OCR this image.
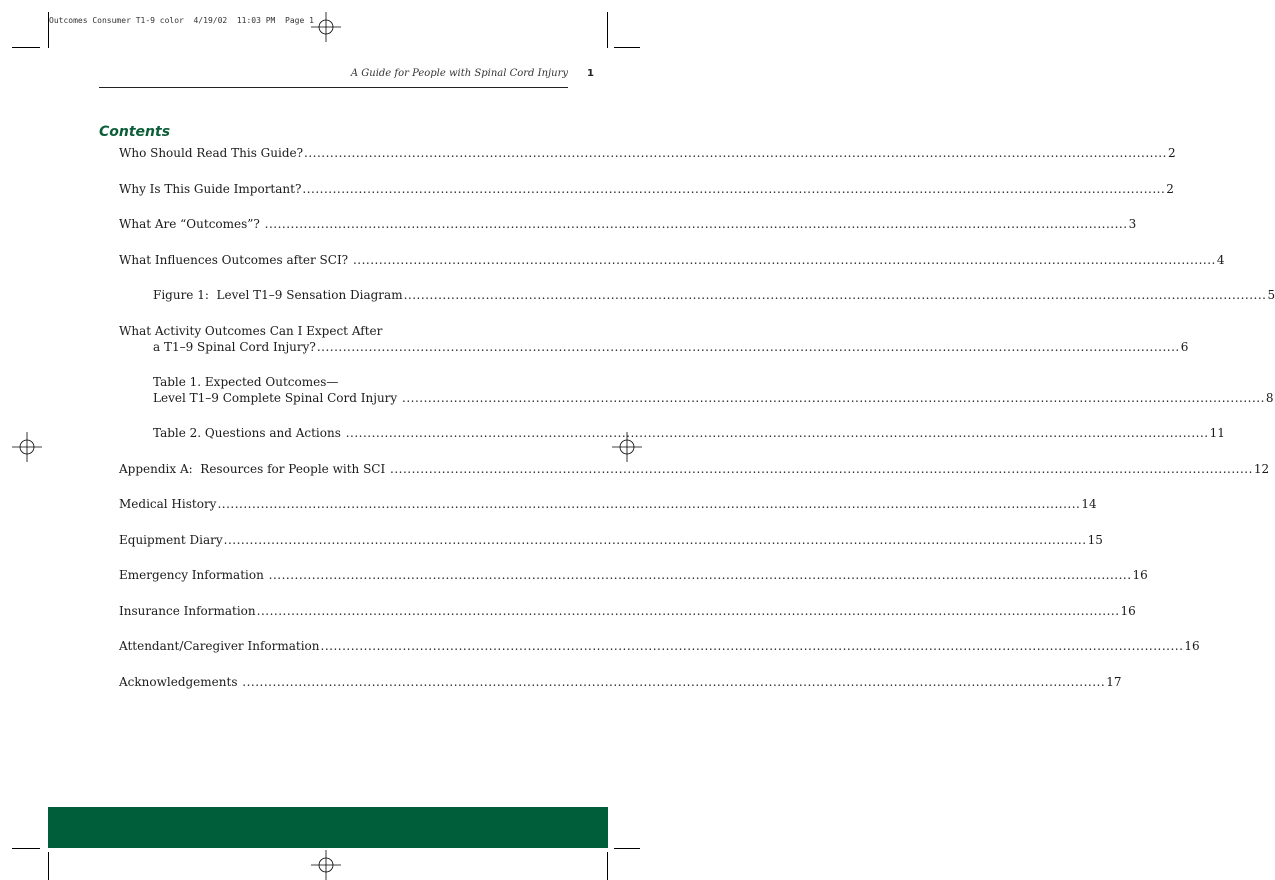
Outcomes Consumer T1-9 color  4/19/02  11:03 PM  Page 1
A Guide for People with Spinal Cord Injury 1
Contents
Who Should Read This Guide? ........................................................................................................................................................................................................ 2
Why Is This Guide Important? ........................................................................................................................................................................................................ 2
What Are “Outcomes”? ........................................................................................................................................................................................................ 3
What Influences Outcomes after SCI? ........................................................................................................................................................................................................ 4
Figure 1:  Level T1–9 Sensation Diagram ........................................................................................................................................................................................................ 5
What Activity Outcomes Can I Expect After
a T1–9 Spinal Cord Injury? ........................................................................................................................................................................................................ 6
Table 1. Expected Outcomes—
Level T1–9 Complete Spinal Cord Injury ........................................................................................................................................................................................................ 8
Table 2. Questions and Actions ........................................................................................................................................................................................................ 11
Appendix A:  Resources for People with SCI ........................................................................................................................................................................................................ 12
Medical History ........................................................................................................................................................................................................ 14
Equipment Diary ........................................................................................................................................................................................................ 15
Emergency Information ........................................................................................................................................................................................................ 16
Insurance Information ........................................................................................................................................................................................................ 16
Attendant/Caregiver Information ........................................................................................................................................................................................................ 16
Acknowledgements ........................................................................................................................................................................................................ 17
